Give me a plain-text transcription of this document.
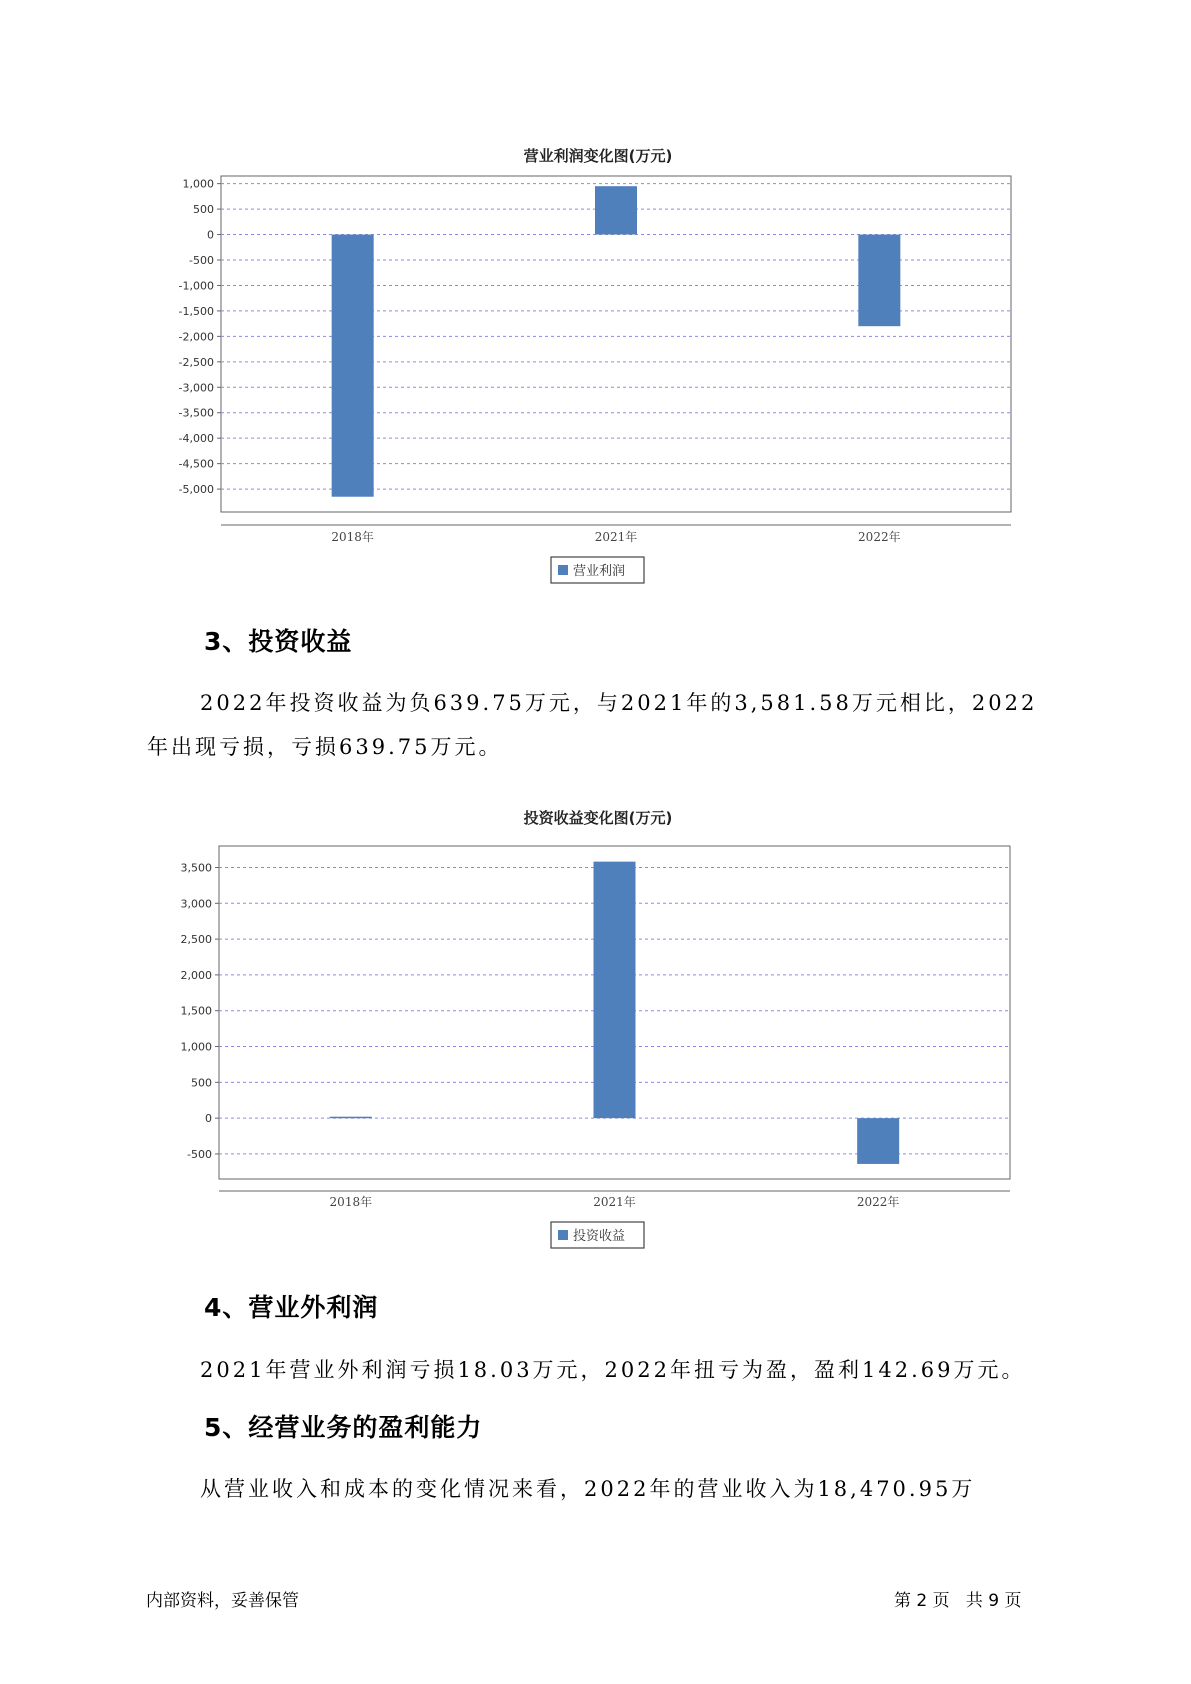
营业利润变化图(万元)
1,000
500
0
-500
-1,000
-1,500
-2,000
-2,500
-3,000
-3,500
-4,000
-4,500
-5,000
2018年	2021年	2022年
营业利润
3、投资收益

2022年投资收益为负639.75万元，与2021年的3,581.58万元相比，2022

年出现亏损，亏损639.75万元。

投资收益变化图(万元)
3,500
3,000
2,500
2,000
1,500
1,000
500
0
-500
2018年	2021年	2022年
投资收益
4、营业外利润

2021年营业外利润亏损18.03万元，2022年扭亏为盈，盈利142.69万元。

5、经营业务的盈利能力

从营业收入和成本的变化情况来看，2022年的营业收入为18,470.95万

内部资料，妥善保管	第 2 页   共 9 页
